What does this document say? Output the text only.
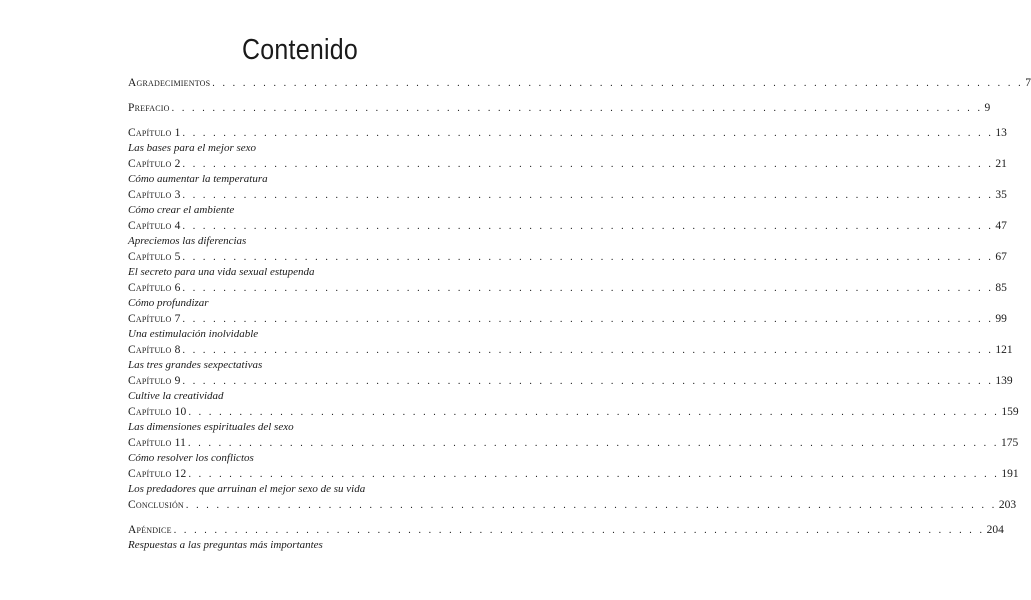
Contenido
Agradecimientos . . . . . . . . . . . . . . . . . . . . . . . . . . . . . . . . . . . . . . . . . . . . . . . . . . . . . . . . . . . . . . . . . . . . . . . . . . . . . . . . 7
Prefacio . . . . . . . . . . . . . . . . . . . . . . . . . . . . . . . . . . . . . . . . . . . . . . . . . . . . . . . . . . . . . . . . . . . . . . . . . . . . . . . . 9
Capítulo 1 . . . . . . . . . . . . . . . . . . . . . . . . . . . . . . . . . . . . . . . . . . . . . . . . . . . . . . . . . . . . . . . . . . . . . . . . . . . . . . . . 13
Las bases para el mejor sexo
Capítulo 2 . . . . . . . . . . . . . . . . . . . . . . . . . . . . . . . . . . . . . . . . . . . . . . . . . . . . . . . . . . . . . . . . . . . . . . . . . . . . . . . . 21
Cómo aumentar la temperatura
Capítulo 3 . . . . . . . . . . . . . . . . . . . . . . . . . . . . . . . . . . . . . . . . . . . . . . . . . . . . . . . . . . . . . . . . . . . . . . . . . . . . . . . . 35
Cómo crear el ambiente
Capítulo 4 . . . . . . . . . . . . . . . . . . . . . . . . . . . . . . . . . . . . . . . . . . . . . . . . . . . . . . . . . . . . . . . . . . . . . . . . . . . . . . . . 47
Apreciemos las diferencias
Capítulo 5 . . . . . . . . . . . . . . . . . . . . . . . . . . . . . . . . . . . . . . . . . . . . . . . . . . . . . . . . . . . . . . . . . . . . . . . . . . . . . . . . 67
El secreto para una vida sexual estupenda
Capítulo 6 . . . . . . . . . . . . . . . . . . . . . . . . . . . . . . . . . . . . . . . . . . . . . . . . . . . . . . . . . . . . . . . . . . . . . . . . . . . . . . . . 85
Cómo profundizar
Capítulo 7 . . . . . . . . . . . . . . . . . . . . . . . . . . . . . . . . . . . . . . . . . . . . . . . . . . . . . . . . . . . . . . . . . . . . . . . . . . . . . . . . 99
Una estimulación inolvidable
Capítulo 8 . . . . . . . . . . . . . . . . . . . . . . . . . . . . . . . . . . . . . . . . . . . . . . . . . . . . . . . . . . . . . . . . . . . . . . . . . . . . . . . . 121
Las tres grandes sexpectativas
Capítulo 9 . . . . . . . . . . . . . . . . . . . . . . . . . . . . . . . . . . . . . . . . . . . . . . . . . . . . . . . . . . . . . . . . . . . . . . . . . . . . . . . . 139
Cultive la creatividad
Capítulo 10 . . . . . . . . . . . . . . . . . . . . . . . . . . . . . . . . . . . . . . . . . . . . . . . . . . . . . . . . . . . . . . . . . . . . . . . . . . . . . . . . 159
Las dimensiones espirituales del sexo
Capítulo 11 . . . . . . . . . . . . . . . . . . . . . . . . . . . . . . . . . . . . . . . . . . . . . . . . . . . . . . . . . . . . . . . . . . . . . . . . . . . . . . . . 175
Cómo resolver los conflictos
Capítulo 12 . . . . . . . . . . . . . . . . . . . . . . . . . . . . . . . . . . . . . . . . . . . . . . . . . . . . . . . . . . . . . . . . . . . . . . . . . . . . . . . . 191
Los predadores que arruinan el mejor sexo de su vida
Conclusión . . . . . . . . . . . . . . . . . . . . . . . . . . . . . . . . . . . . . . . . . . . . . . . . . . . . . . . . . . . . . . . . . . . . . . . . . . . . . . . . 203
Apéndice . . . . . . . . . . . . . . . . . . . . . . . . . . . . . . . . . . . . . . . . . . . . . . . . . . . . . . . . . . . . . . . . . . . . . . . . . . . . . . . . 204
Respuestas a las preguntas más importantes
